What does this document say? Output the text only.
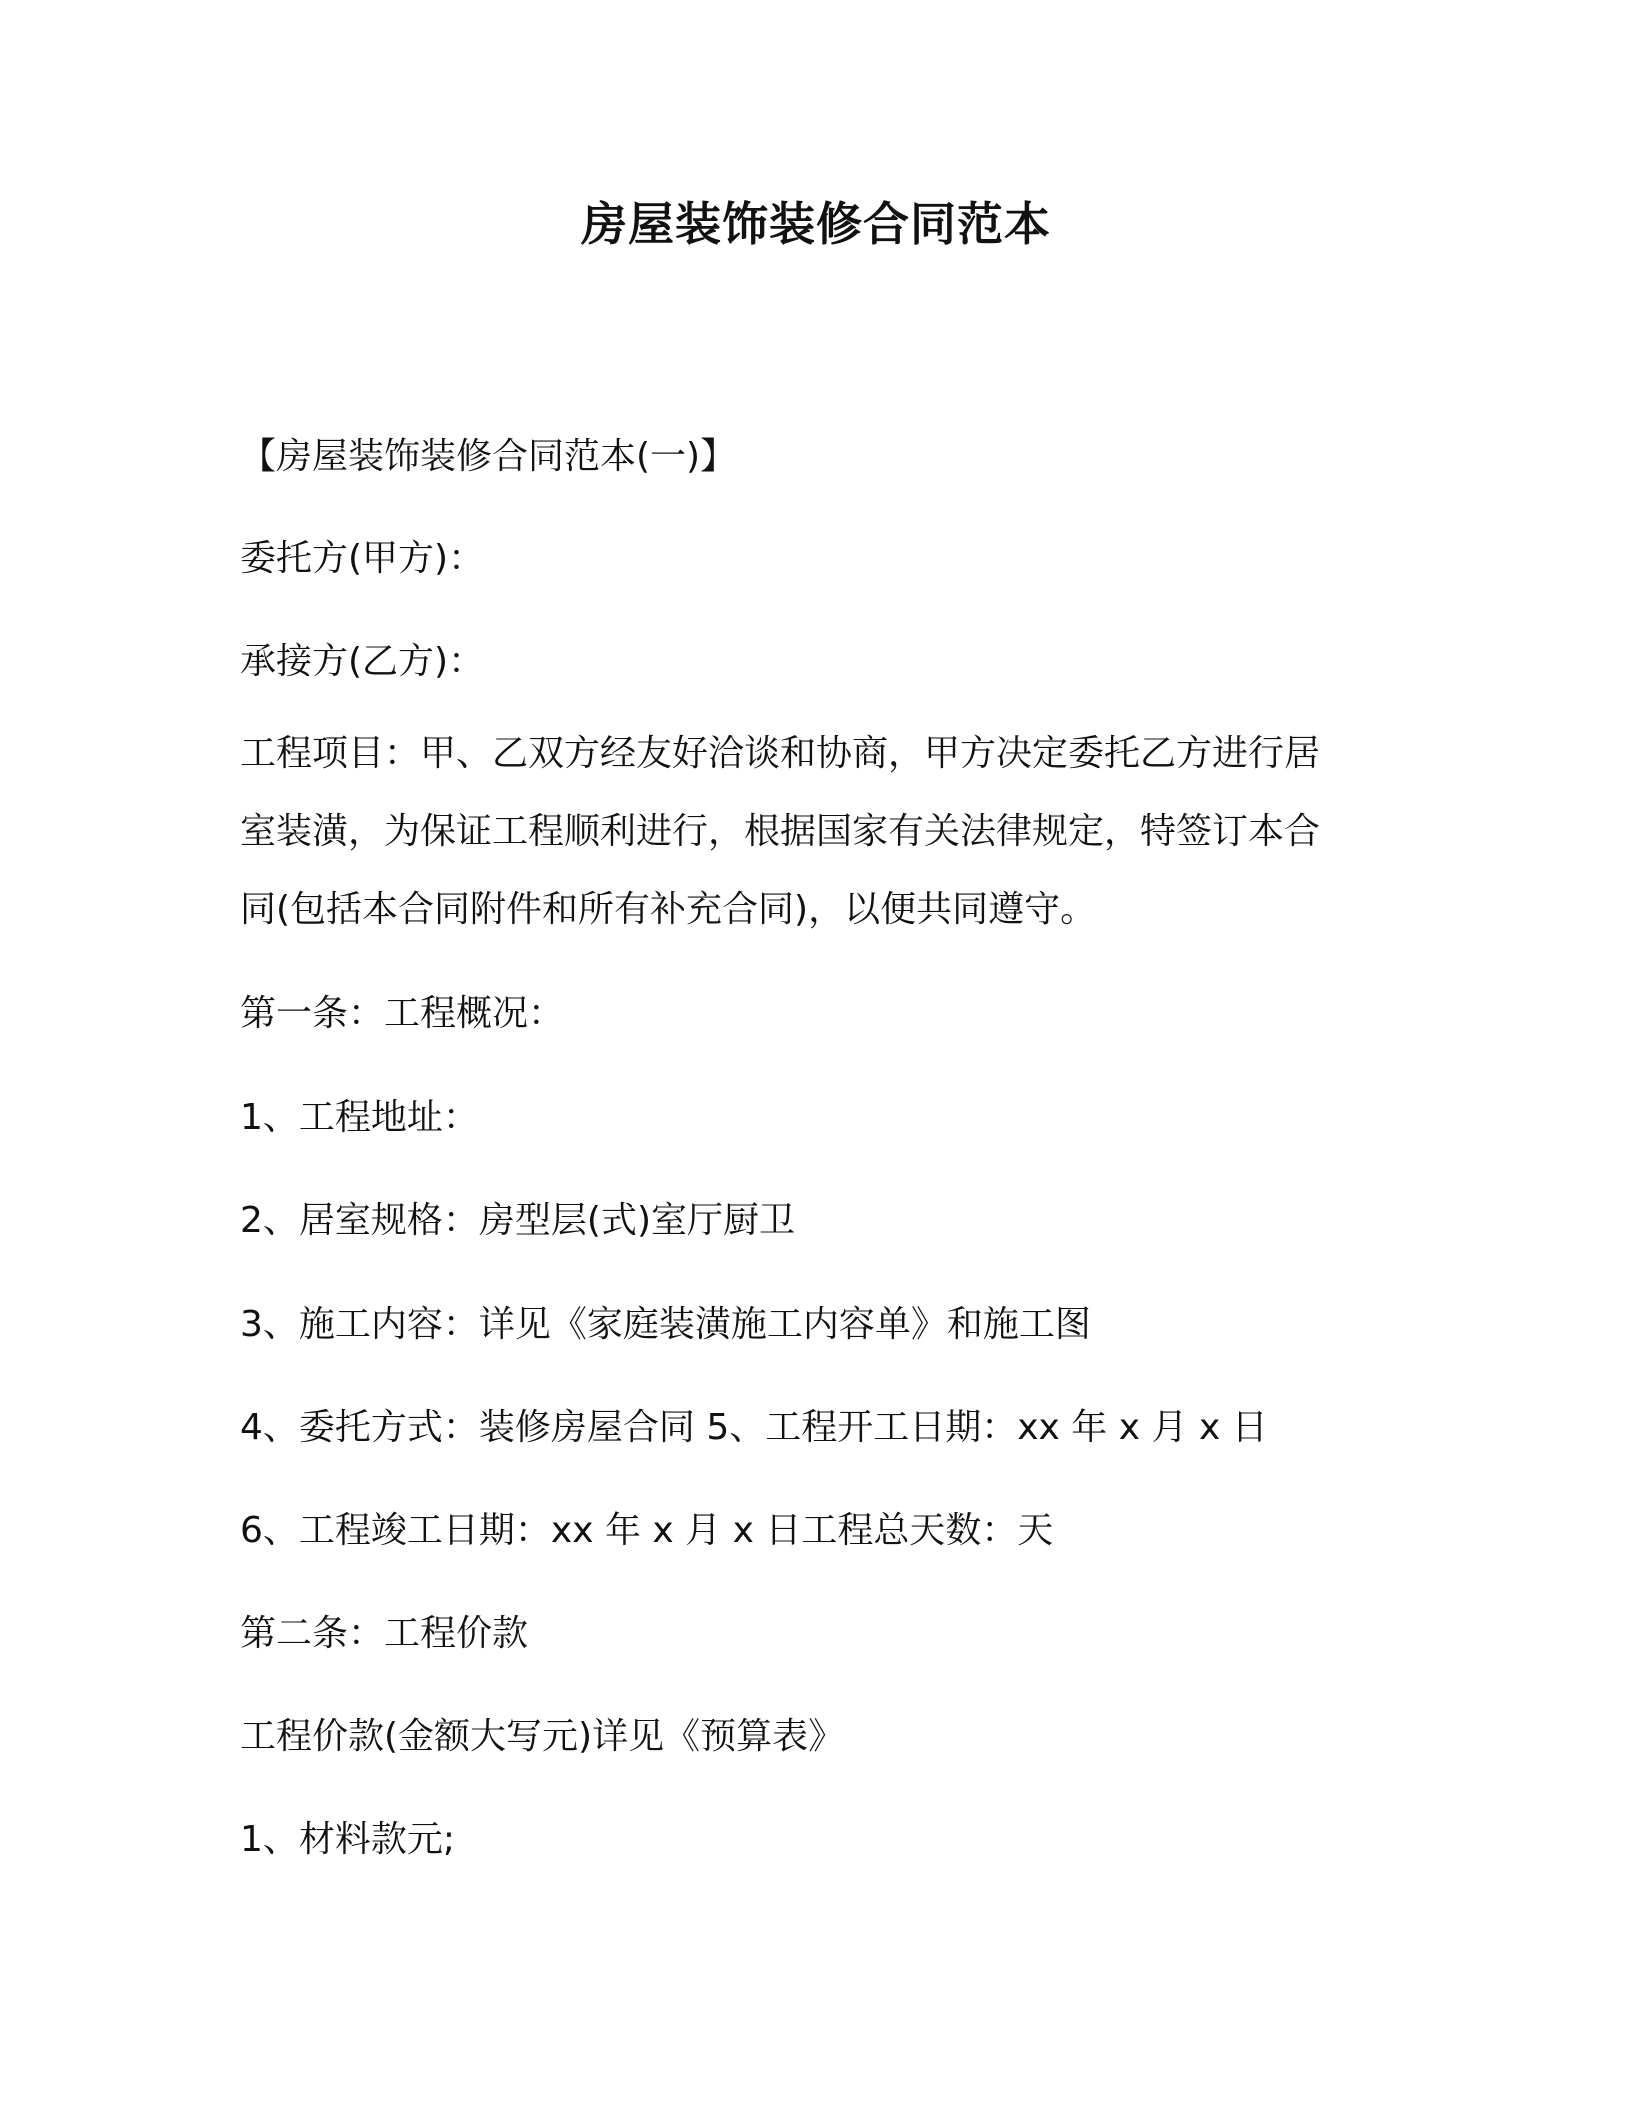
房屋装饰装修合同范本

【房屋装饰装修合同范本(一)】

委托方(甲方)：

承接方(乙方)：

工程项目：甲、乙双方经友好洽谈和协商，甲方决定委托乙方进行居
室装潢，为保证工程顺利进行，根据国家有关法律规定，特签订本合
同(包括本合同附件和所有补充合同)，以便共同遵守。

第一条：工程概况：

1、工程地址：

2、居室规格：房型层(式)室厅厨卫

3、施工内容：详见《家庭装潢施工内容单》和施工图

4、委托方式：装修房屋合同 5、工程开工日期：xx 年 x 月 x 日

6、工程竣工日期：xx 年 x 月 x 日工程总天数：天

第二条：工程价款

工程价款(金额大写元)详见《预算表》

1、材料款元;
